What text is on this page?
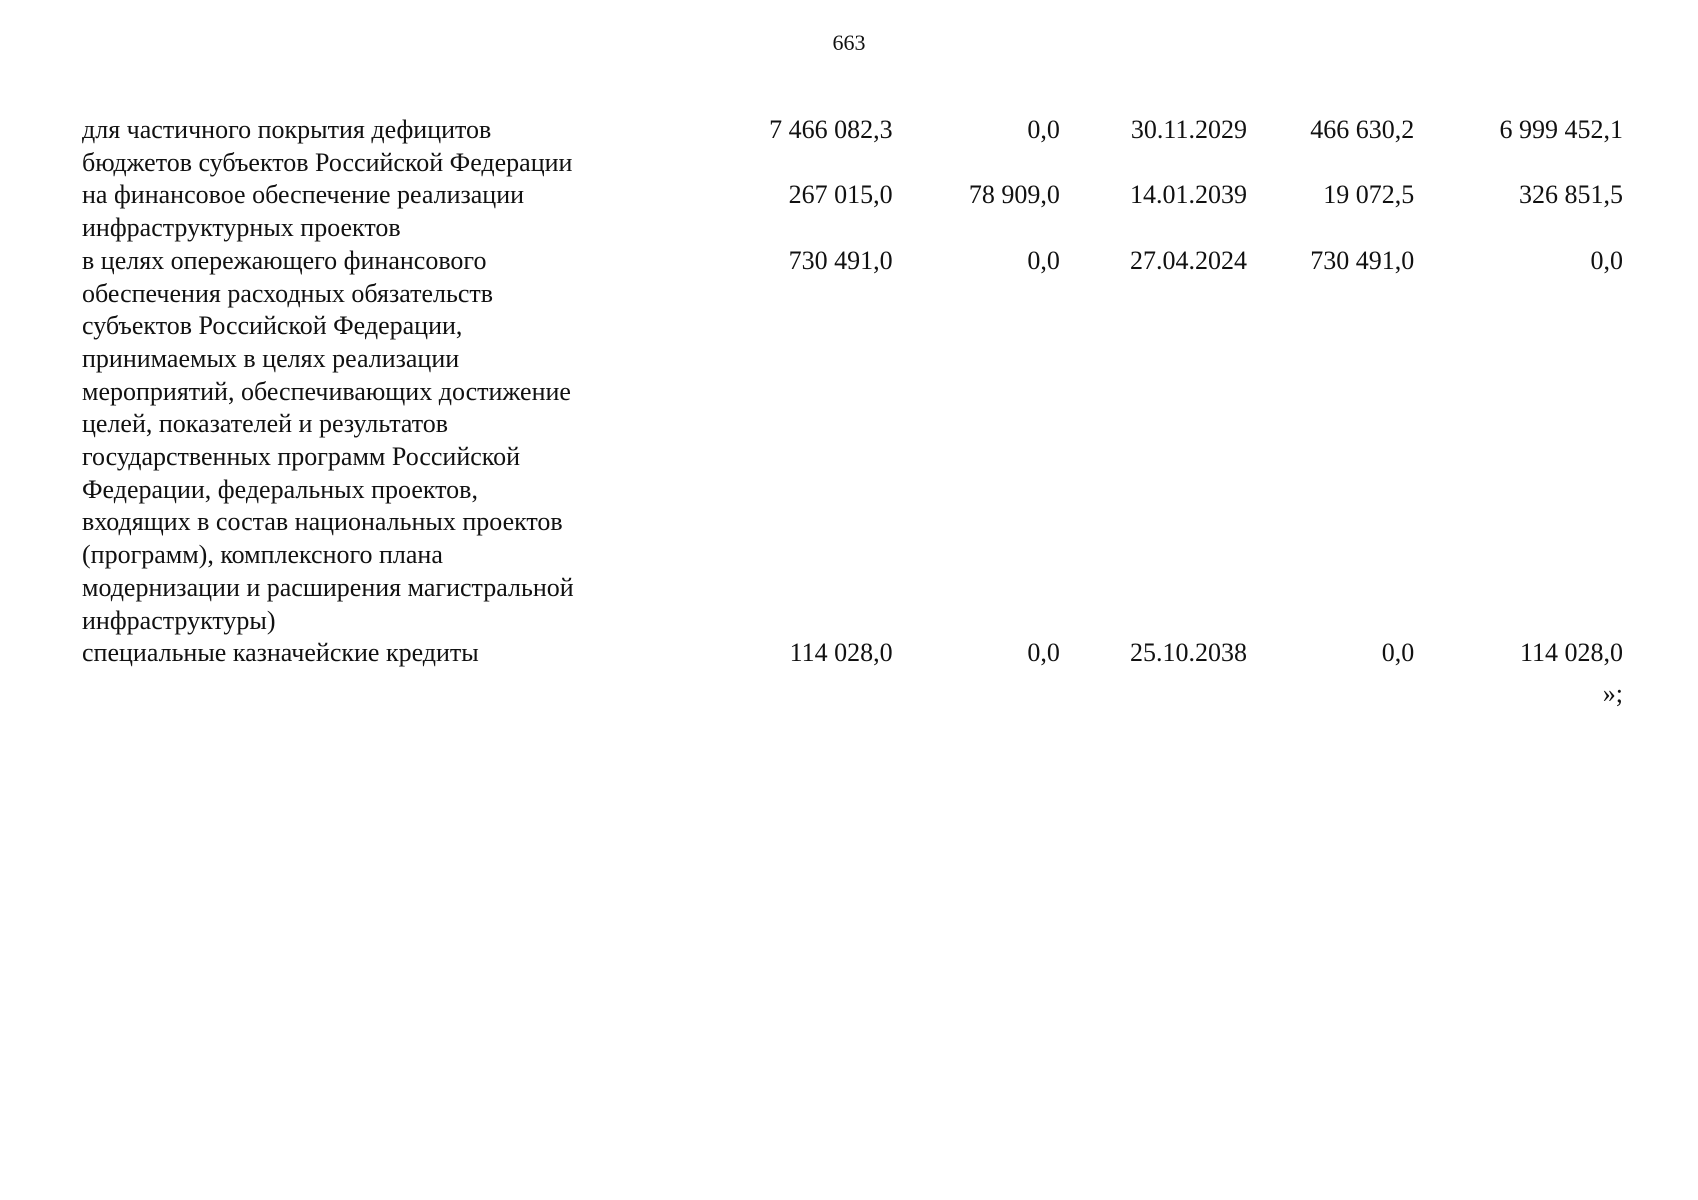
663
для частичного покрытия дефицитов
бюджетов субъектов Российской Федерации
7 466 082,3	0,0	30.11.2029	466 630,2	6 999 452,1
на финансовое обеспечение реализации
инфраструктурных проектов
267 015,0	78 909,0	14.01.2039	19 072,5	326 851,5
в целях опережающего финансового
обеспечения расходных обязательств
субъектов Российской Федерации,
принимаемых в целях реализации
мероприятий, обеспечивающих достижение
целей, показателей и результатов
государственных программ Российской
Федерации, федеральных проектов,
входящих в состав национальных проектов
(программ), комплексного плана
модернизации и расширения магистральной
инфраструктуры)
730 491,0	0,0	27.04.2024	730 491,0	0,0
специальные казначейские кредиты	114 028,0	0,0	25.10.2038	0,0	114 028,0
»;
